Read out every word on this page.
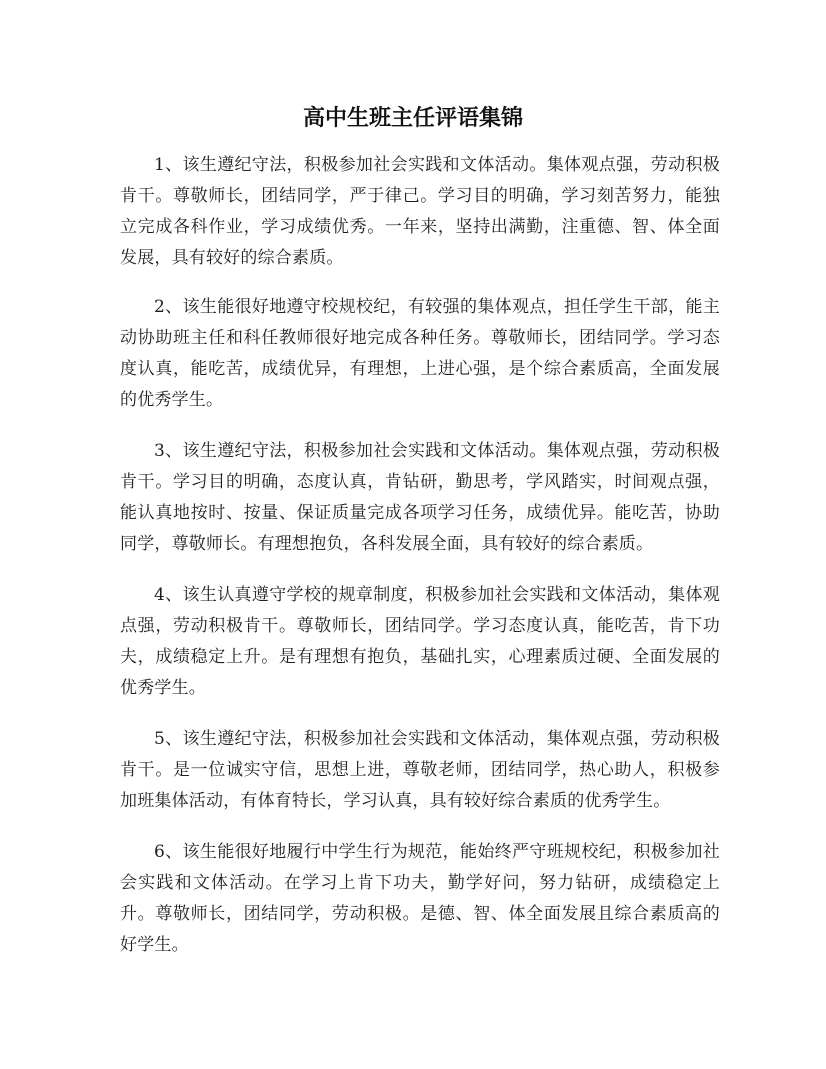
高中生班主任评语集锦

1、该生遵纪守法，积极参加社会实践和文体活动。集体观点强，劳动积极肯干。尊敬师长，团结同学，严于律己。学习目的明确，学习刻苦努力，能独立完成各科作业，学习成绩优秀。一年来，坚持出满勤，注重德、智、体全面发展，具有较好的综合素质。

2、该生能很好地遵守校规校纪，有较强的集体观点，担任学生干部，能主动协助班主任和科任教师很好地完成各种任务。尊敬师长，团结同学。学习态度认真，能吃苦，成绩优异，有理想，上进心强，是个综合素质高，全面发展的优秀学生。

3、该生遵纪守法，积极参加社会实践和文体活动。集体观点强，劳动积极肯干。学习目的明确，态度认真，肯钻研，勤思考，学风踏实，时间观点强，能认真地按时、按量、保证质量完成各项学习任务，成绩优异。能吃苦，协助同学，尊敬师长。有理想抱负，各科发展全面，具有较好的综合素质。

4、该生认真遵守学校的规章制度，积极参加社会实践和文体活动，集体观点强，劳动积极肯干。尊敬师长，团结同学。学习态度认真，能吃苦，肯下功夫，成绩稳定上升。是有理想有抱负，基础扎实，心理素质过硬、全面发展的优秀学生。

5、该生遵纪守法，积极参加社会实践和文体活动，集体观点强，劳动积极肯干。是一位诚实守信，思想上进，尊敬老师，团结同学，热心助人，积极参加班集体活动，有体育特长，学习认真，具有较好综合素质的优秀学生。

6、该生能很好地履行中学生行为规范，能始终严守班规校纪，积极参加社会实践和文体活动。在学习上肯下功夫，勤学好问，努力钻研，成绩稳定上升。尊敬师长，团结同学，劳动积极。是德、智、体全面发展且综合素质高的好学生。
